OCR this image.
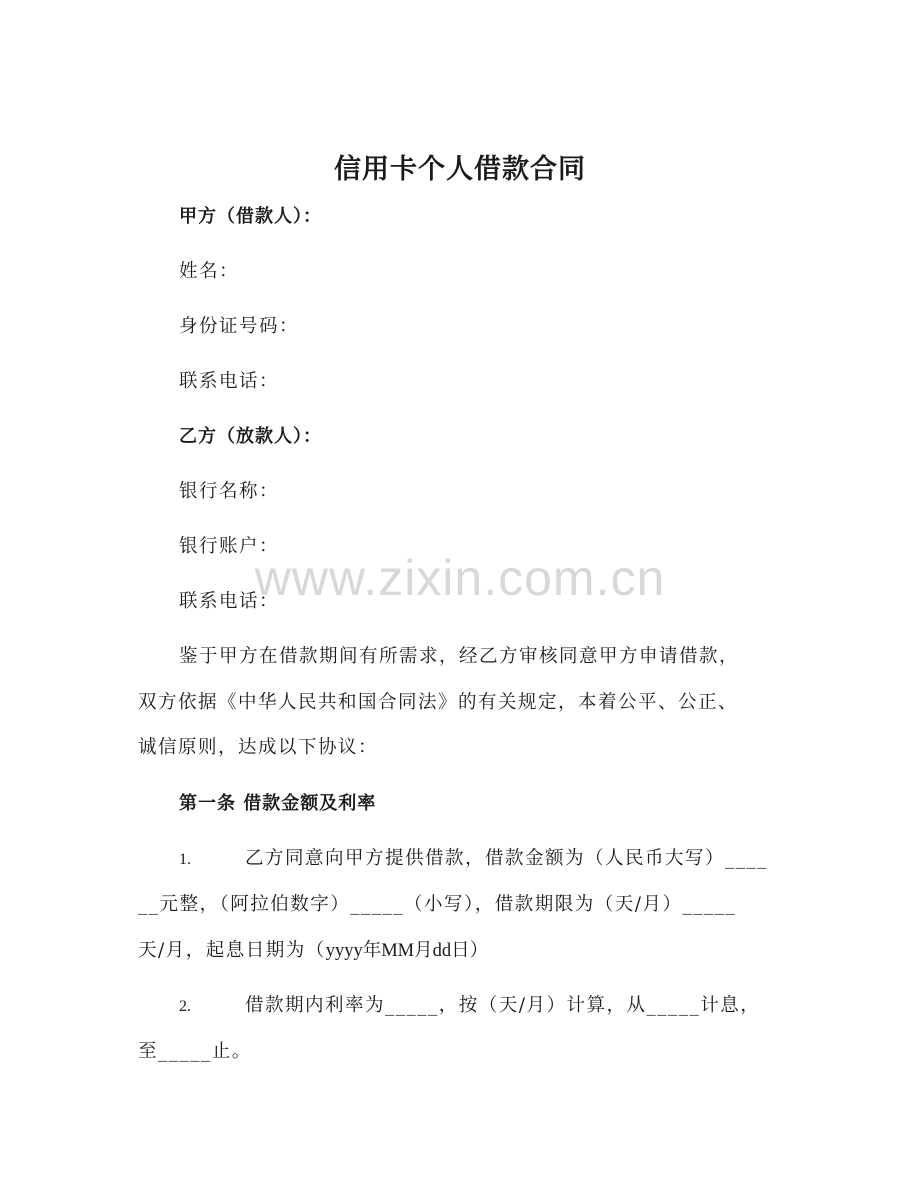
信用卡个人借款合同
甲方（借款人）：
姓名：
身份证号码：
联系电话：
乙方（放款人）：
银行名称：
银行账户：
联系电话：
www.zixin.com.cn
鉴于甲方在借款期间有所需求，经乙方审核同意甲方申请借款，
双方依据《中华人民共和国合同法》的有关规定，本着公平、公正、
诚信原则，达成以下协议：
第一条 借款金额及利率
1.	乙方同意向甲方提供借款，借款金额为（人民币大写）____
__元整，（阿拉伯数字）_____（小写），借款期限为（天/月）_____
天/月，起息日期为（yyyy年MM月dd日）
2.	借款期内利率为_____，按（天/月）计算，从_____计息，
至_____止。
